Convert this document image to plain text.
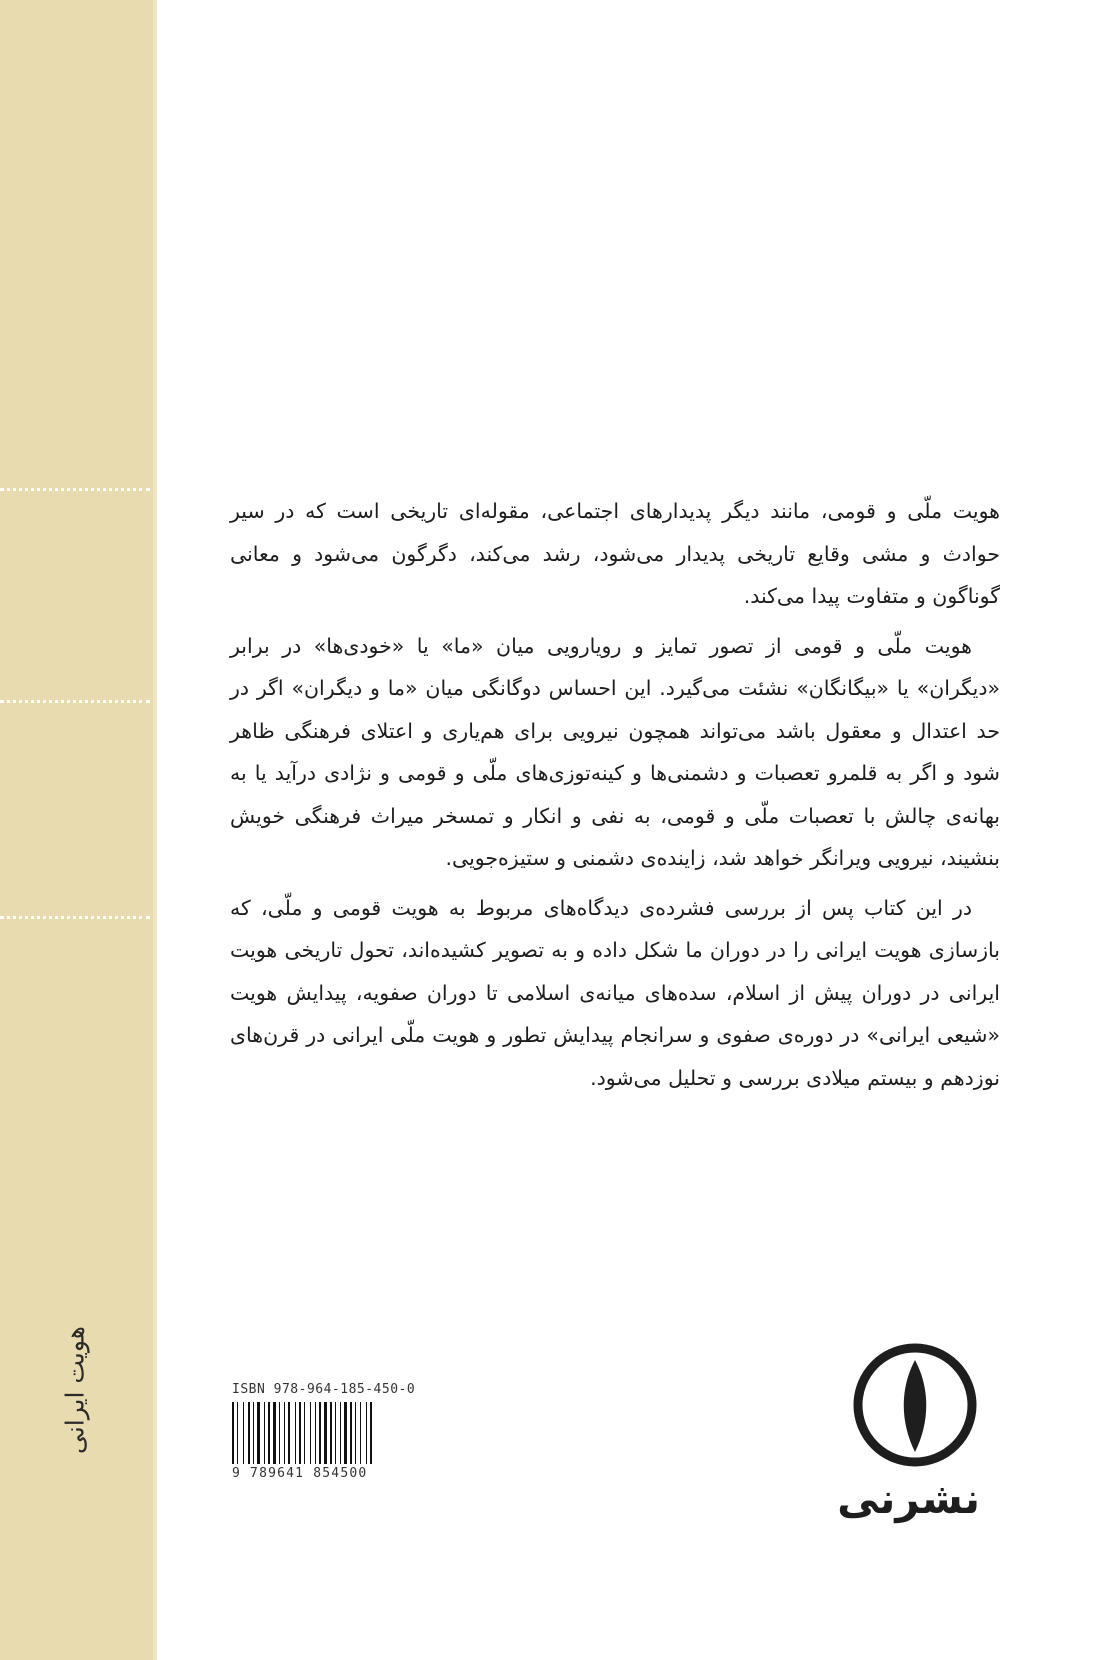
هویت ایرانی

هویت ملّی و قومی، مانند دیگر پدیدارهای اجتماعی، مقوله‌ای تاریخی است که در سیر حوادث و مشی وقایع تاریخی پدیدار می‌شود، رشد می‌کند، دگرگون می‌شود و معانی گوناگون و متفاوت پیدا می‌کند.

هویت ملّی و قومی از تصور تمایز و رویارویی میان «ما» یا «خودی‌ها» در برابر «دیگران» یا «بیگانگان» نشئت می‌گیرد. این احساس دوگانگی میان «ما و دیگران» اگر در حد اعتدال و معقول باشد می‌تواند همچون نیرویی برای هم‌یاری و اعتلای فرهنگی ظاهر شود و اگر به قلمرو تعصبات و دشمنی‌ها و کینه‌توزی‌های ملّی و قومی و نژادی درآید یا به بهانه‌ی چالش با تعصبات ملّی و قومی، به نفی و انکار و تمسخر میراث فرهنگی خویش بنشیند، نیرویی ویرانگر خواهد شد، زاینده‌ی دشمنی و ستیزه‌جویی.

در این کتاب پس از بررسی فشرده‌ی دیدگاه‌های مربوط به هویت قومی و ملّی، که بازسازی هویت ایرانی را در دوران ما شکل داده و به تصویر کشیده‌اند، تحول تاریخی هویت ایرانی در دوران پیش از اسلام، سده‌های میانه‌ی اسلامی تا دوران صفویه، پیدایش هویت «شیعی ایرانی» در دوره‌ی صفوی و سرانجام پیدایش تطور و هویت ملّی ایرانی در قرن‌های نوزدهم و بیستم میلادی بررسی و تحلیل می‌شود.

ISBN 978-964-185-450-0
9 789641 854500
نشرنی
